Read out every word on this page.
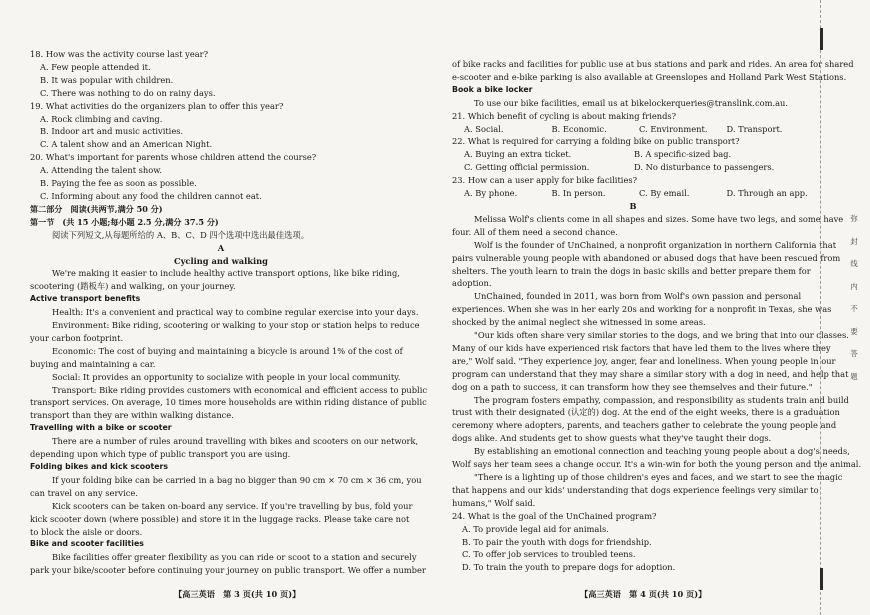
18. How was the activity course last year?
A. Few people attended it.
B. It was popular with children.
C. There was nothing to do on rainy days.
19. What activities do the organizers plan to offer this year?
A. Rock climbing and caving.
B. Indoor art and music activities.
C. A talent show and an American Night.
20. What's important for parents whose children attend the course?
A. Attending the talent show.
B. Paying the fee as soon as possible.
C. Informing about any food the children cannot eat.
第二部分　阅读(共两节,满分 50 分)
第一节　(共 15 小题;每小题 2.5 分,满分 37.5 分)
阅读下列短文,从每题所给的 A、B、C、D 四个选项中选出最佳选项。
A
Cycling and walking
We're making it easier to include healthy active transport options, like bike riding,
scootering (踏板车) and walking, on your journey.
Active transport benefits
Health: It's a convenient and practical way to combine regular exercise into your days.
Environment: Bike riding, scootering or walking to your stop or station helps to reduce
your carbon footprint.
Economic: The cost of buying and maintaining a bicycle is around 1% of the cost of
buying and maintaining a car.
Social: It provides an opportunity to socialize with people in your local community.
Transport: Bike riding provides customers with economical and efficient access to public
transport services. On average, 10 times more households are within riding distance of public
transport than they are within walking distance.
Travelling with a bike or scooter
There are a number of rules around travelling with bikes and scooters on our network,
depending upon which type of public transport you are using.
Folding bikes and kick scooters
If your folding bike can be carried in a bag no bigger than 90 cm × 70 cm × 36 cm, you
can travel on any service.
Kick scooters can be taken on-board any service. If you're travelling by bus, fold your
kick scooter down (where possible) and store it in the luggage racks. Please take care not
to block the aisle or doors.
Bike and scooter facilities
Bike facilities offer greater flexibility as you can ride or scoot to a station and securely
park your bike/scooter before continuing your journey on public transport. We offer a number
of bike racks and facilities for public use at bus stations and park and rides. An area for shared
e-scooter and e-bike parking is also available at Greenslopes and Holland Park West Stations.
Book a bike locker
To use our bike facilities, email us at bikelockerqueries@translink.com.au.
21. Which benefit of cycling is about making friends?
A. Social.	B. Economic.	C. Environment.	D. Transport.
22. What is required for carrying a folding bike on public transport?
A. Buying an extra ticket.	B. A specific-sized bag.
C. Getting official permission.	D. No disturbance to passengers.
23. How can a user apply for bike facilities?
A. By phone.	B. In person.	C. By email.	D. Through an app.
B
Melissa Wolf's clients come in all shapes and sizes. Some have two legs, and some have
four. All of them need a second chance.
Wolf is the founder of UnChained, a nonprofit organization in northern California that
pairs vulnerable young people with abandoned or abused dogs that have been rescued from
shelters. The youth learn to train the dogs in basic skills and better prepare them for
adoption.
UnChained, founded in 2011, was born from Wolf's own passion and personal
experiences. When she was in her early 20s and working for a nonprofit in Texas, she was
shocked by the animal neglect she witnessed in some areas.
"Our kids often share very similar stories to the dogs, and we bring that into our classes.
Many of our kids have experienced risk factors that have led them to the lives where they
are," Wolf said. "They experience joy, anger, fear and loneliness. When young people in our
program can understand that they may share a similar story with a dog in need, and help that
dog on a path to success, it can transform how they see themselves and their future."
The program fosters empathy, compassion, and responsibility as students train and build
trust with their designated (认定的) dog. At the end of the eight weeks, there is a graduation
ceremony where adopters, parents, and teachers gather to celebrate the young people and
dogs alike. And students get to show guests what they've taught their dogs.
By establishing an emotional connection and teaching young people about a dog's needs,
Wolf says her team sees a change occur. It's a win-win for both the young person and the animal.
"There is a lighting up of those children's eyes and faces, and we start to see the magic
that happens and our kids' understanding that dogs experience feelings very similar to
humans," Wolf said.
24. What is the goal of the UnChained program?
A. To provide legal aid for animals.
B. To pair the youth with dogs for friendship.
C. To offer job services to troubled teens.
D. To train the youth to prepare dogs for adoption.
【高三英语　第 3 页(共 10 页)】	【高三英语　第 4 页(共 10 页)】
弥
封
线
内
不
要
答
题
